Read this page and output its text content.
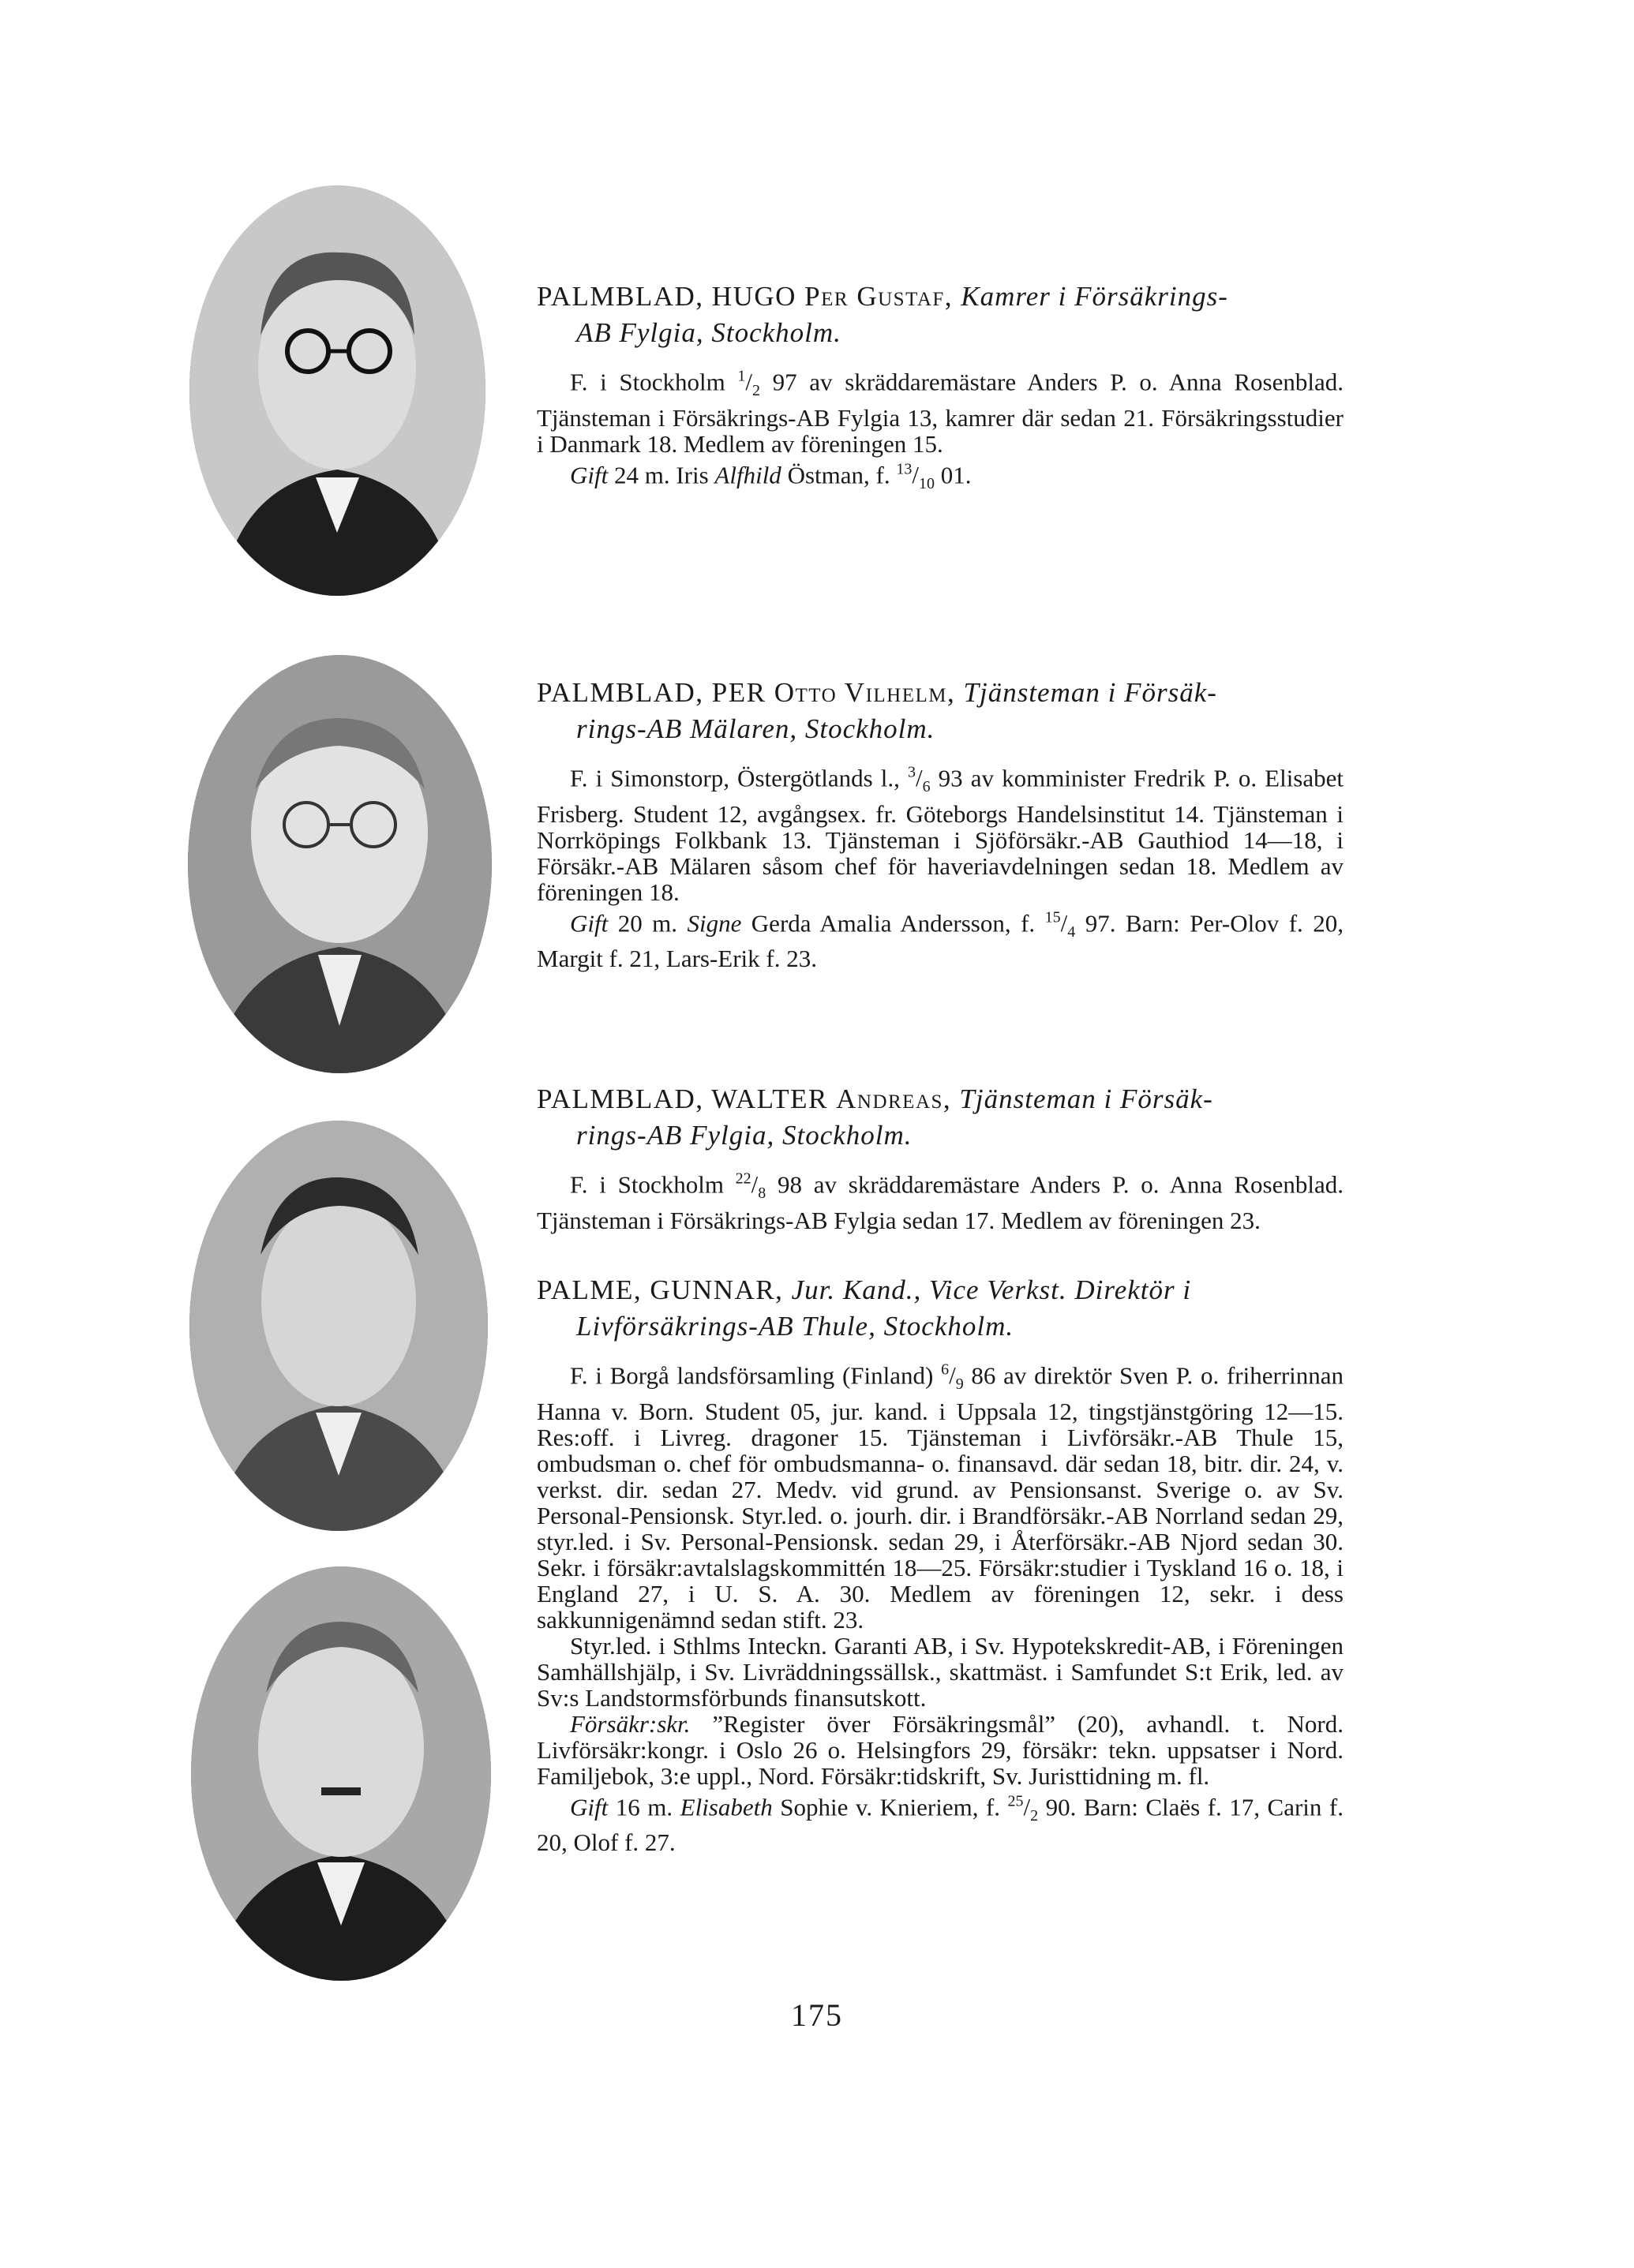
PALMBLAD, HUGO Per Gustaf, Kamrer i Försäkrings-
AB Fylgia, Stockholm.

F. i Stockholm $^1/_2$ 97 av skräddaremästare Anders P. o. Anna Rosenblad. Tjänsteman i Försäkrings-AB Fylgia 13, kamrer där sedan 21. Försäkringsstudier i Danmark 18. Medlem av föreningen 15.

Gift 24 m. Iris Alfhild Östman, f. $^{13}/_{10}$ 01.

PALMBLAD, PER Otto Vilhelm, Tjänsteman i Försäk-
rings-AB Mälaren, Stockholm.

F. i Simonstorp, Östergötlands l., $^3/_6$ 93 av komminister Fredrik P. o. Elisabet Frisberg. Student 12, avgångsex. fr. Göteborgs Handelsinstitut 14. Tjänsteman i Norrköpings Folkbank 13. Tjänsteman i Sjöförsäkr.-AB Gauthiod 14—18, i Försäkr.-AB Mälaren såsom chef för haveriavdelningen sedan 18. Medlem av föreningen 18.

Gift 20 m. Signe Gerda Amalia Andersson, f. $^{15}/_4$ 97. Barn: Per-Olov f. 20, Margit f. 21, Lars-Erik f. 23.

PALMBLAD, WALTER Andreas, Tjänsteman i Försäk-
rings-AB Fylgia, Stockholm.

F. i Stockholm $^{22}/_8$ 98 av skräddaremästare Anders P. o. Anna Rosenblad. Tjänsteman i Försäkrings-AB Fylgia sedan 17. Medlem av föreningen 23.

PALME, GUNNAR, Jur. Kand., Vice Verkst. Direktör i
Livförsäkrings-AB Thule, Stockholm.

F. i Borgå landsförsamling (Finland) $^6/_9$ 86 av direktör Sven P. o. friherrinnan Hanna v. Born. Student 05, jur. kand. i Uppsala 12, tingstjänstgöring 12—15. Res:off. i Livreg. dragoner 15. Tjänsteman i Livförsäkr.-AB Thule 15, ombudsman o. chef för ombudsmanna- o. finansavd. där sedan 18, bitr. dir. 24, v. verkst. dir. sedan 27. Medv. vid grund. av Pensionsanst. Sverige o. av Sv. Personal-Pensionsk. Styr.led. o. jourh. dir. i Brandförsäkr.-AB Norrland sedan 29, styr.led. i Sv. Personal-Pensionsk. sedan 29, i Återförsäkr.-AB Njord sedan 30. Sekr. i försäkr:avtalslagskommittén 18—25. Försäkr:studier i Tyskland 16 o. 18, i England 27, i U. S. A. 30. Medlem av föreningen 12, sekr. i dess sakkunnigenämnd sedan stift. 23.

Styr.led. i Sthlms Inteckn. Garanti AB, i Sv. Hypotekskredit-AB, i Föreningen Samhällshjälp, i Sv. Livräddningssällsk., skattmäst. i Samfundet S:t Erik, led. av Sv:s Landstormsförbunds finansutskott.

Försäkr:skr. ”Register över Försäkringsmål” (20), avhandl. t. Nord. Livförsäkr:kongr. i Oslo 26 o. Helsingfors 29, försäkr: tekn. uppsatser i Nord. Familjebok, 3:e uppl., Nord. Försäkr:tidskrift, Sv. Juristtidning m. fl.

Gift 16 m. Elisabeth Sophie v. Knieriem, f. $^{25}/_2$ 90. Barn: Claës f. 17, Carin f. 20, Olof f. 27.

175
